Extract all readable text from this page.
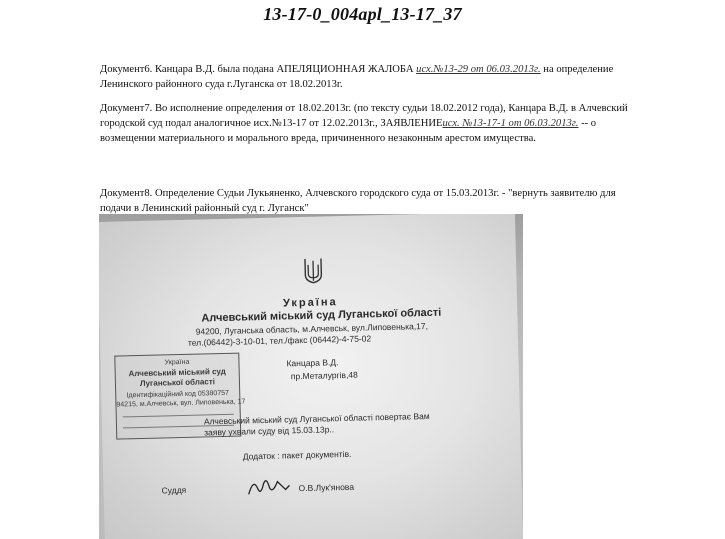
13-17-0_004apl_13-17_37
Документ6. Канцара В.Д. была подана АПЕЛЯЦИОННАЯ ЖАЛОБА исх.№13-29 от 06.03.2013г. на определение Ленинского районного суда г.Луганска от 18.02.2013г.
Документ7. Во исполнение определения от 18.02.2013г. (по тексту судьи 18.02.2012 года), Канцара В.Д. в Алчевский городской суд подал аналогичное исх.№13-17 от 12.02.2013г., ЗАЯВЛЕНИЕисх. №13-17-1 от 06.03.2013г. -- о возмещении материального и морального вреда, причиненного незаконным арестом имущества.
Документ8. Определение Судьи Лукьяненко, Алчевского городского суда от 15.03.2013г. - "вернуть заявителю для подачи в Ленинский районный суд г. Луганск"
Україна
Алчевський міський суд Луганської області
94200, Луганська область, м.Алчевськ, вул.Липовенька,17,
тел.(06442)-3-10-01, тел./факс (06442)-4-75-02
Україна
Алчевський міський суд
Луганської області
Ідентифікаційний код 05380757
94215, м.Алчевськ, вул. Липовенька, 17
Канцара В.Д.
пр.Металургів,48
Алчевський міський суд Луганської області повертає Вам
заяву ухвали суду від 15.03.13р..
Додаток : пакет документів.
Суддя	О.В.Лук'янова
